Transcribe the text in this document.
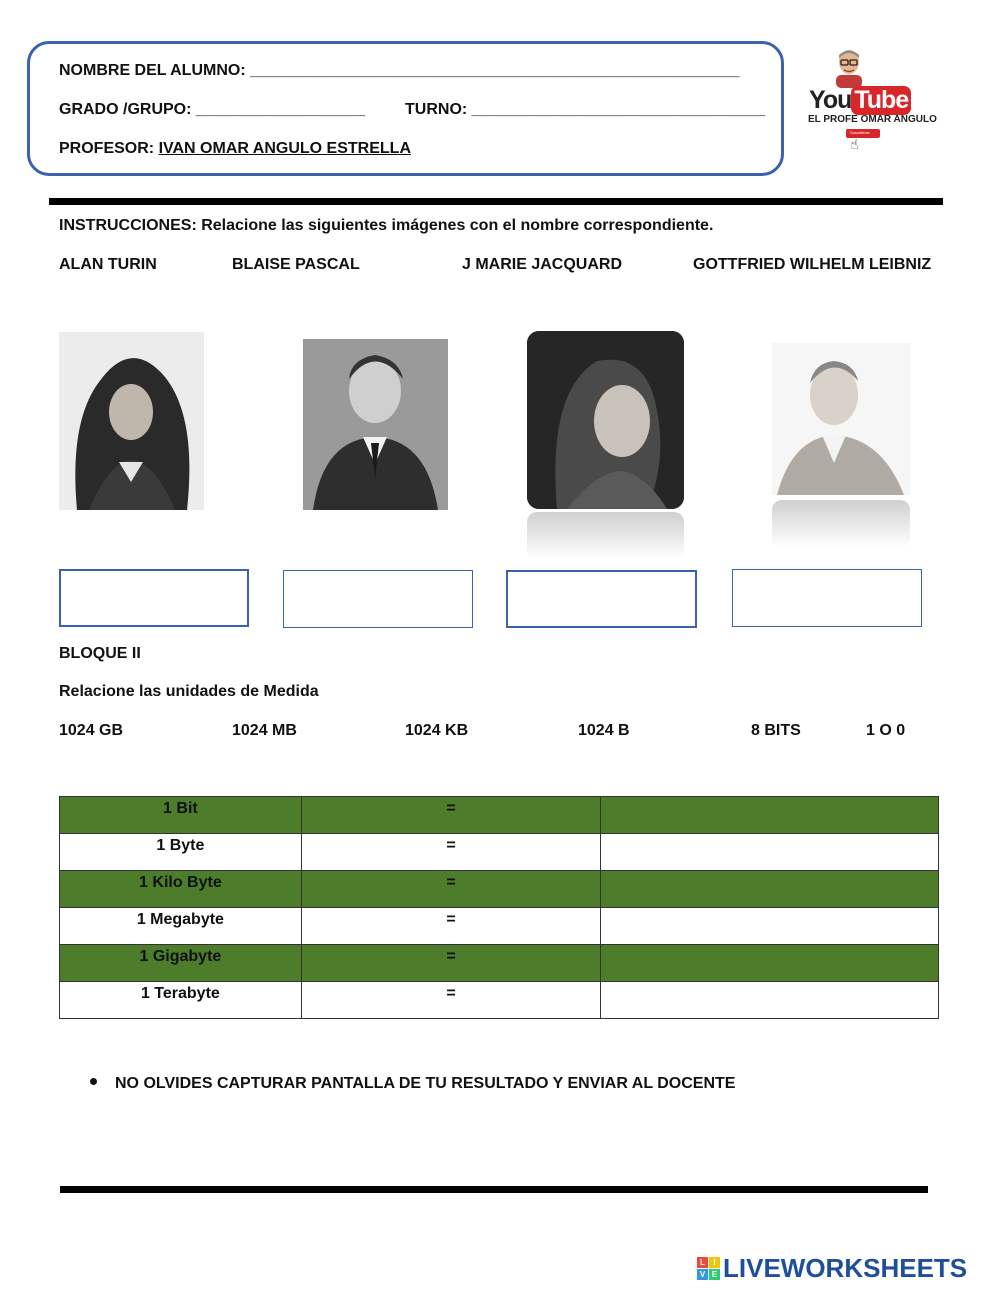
NOMBRE DEL ALUMNO: _______________________________________________________
GRADO /GRUPO: ___________________	TURNO: _________________________________
PROFESOR: IVAN OMAR ANGULO ESTRELLA
You Tube
EL PROFE OMAR ANGULO
Suscribirse
☝
INSTRUCCIONES: Relacione las siguientes imágenes con el nombre correspondiente.
ALAN TURIN	BLAISE PASCAL	J MARIE JACQUARD	GOTTFRIED WILHELM LEIBNIZ
BLOQUE II
Relacione las unidades de Medida
1024 GB	1024 MB	1024 KB	1024 B	8 BITS	1 O 0
1 Bit	=	
1 Byte	=	
1 Kilo Byte	=	
1 Megabyte	=	
1 Gigabyte	=	
1 Terabyte	=	
NO OLVIDES CAPTURAR PANTALLA DE TU RESULTADO Y ENVIAR AL DOCENTE
L	I
V E LIVEWORKSHEETS
